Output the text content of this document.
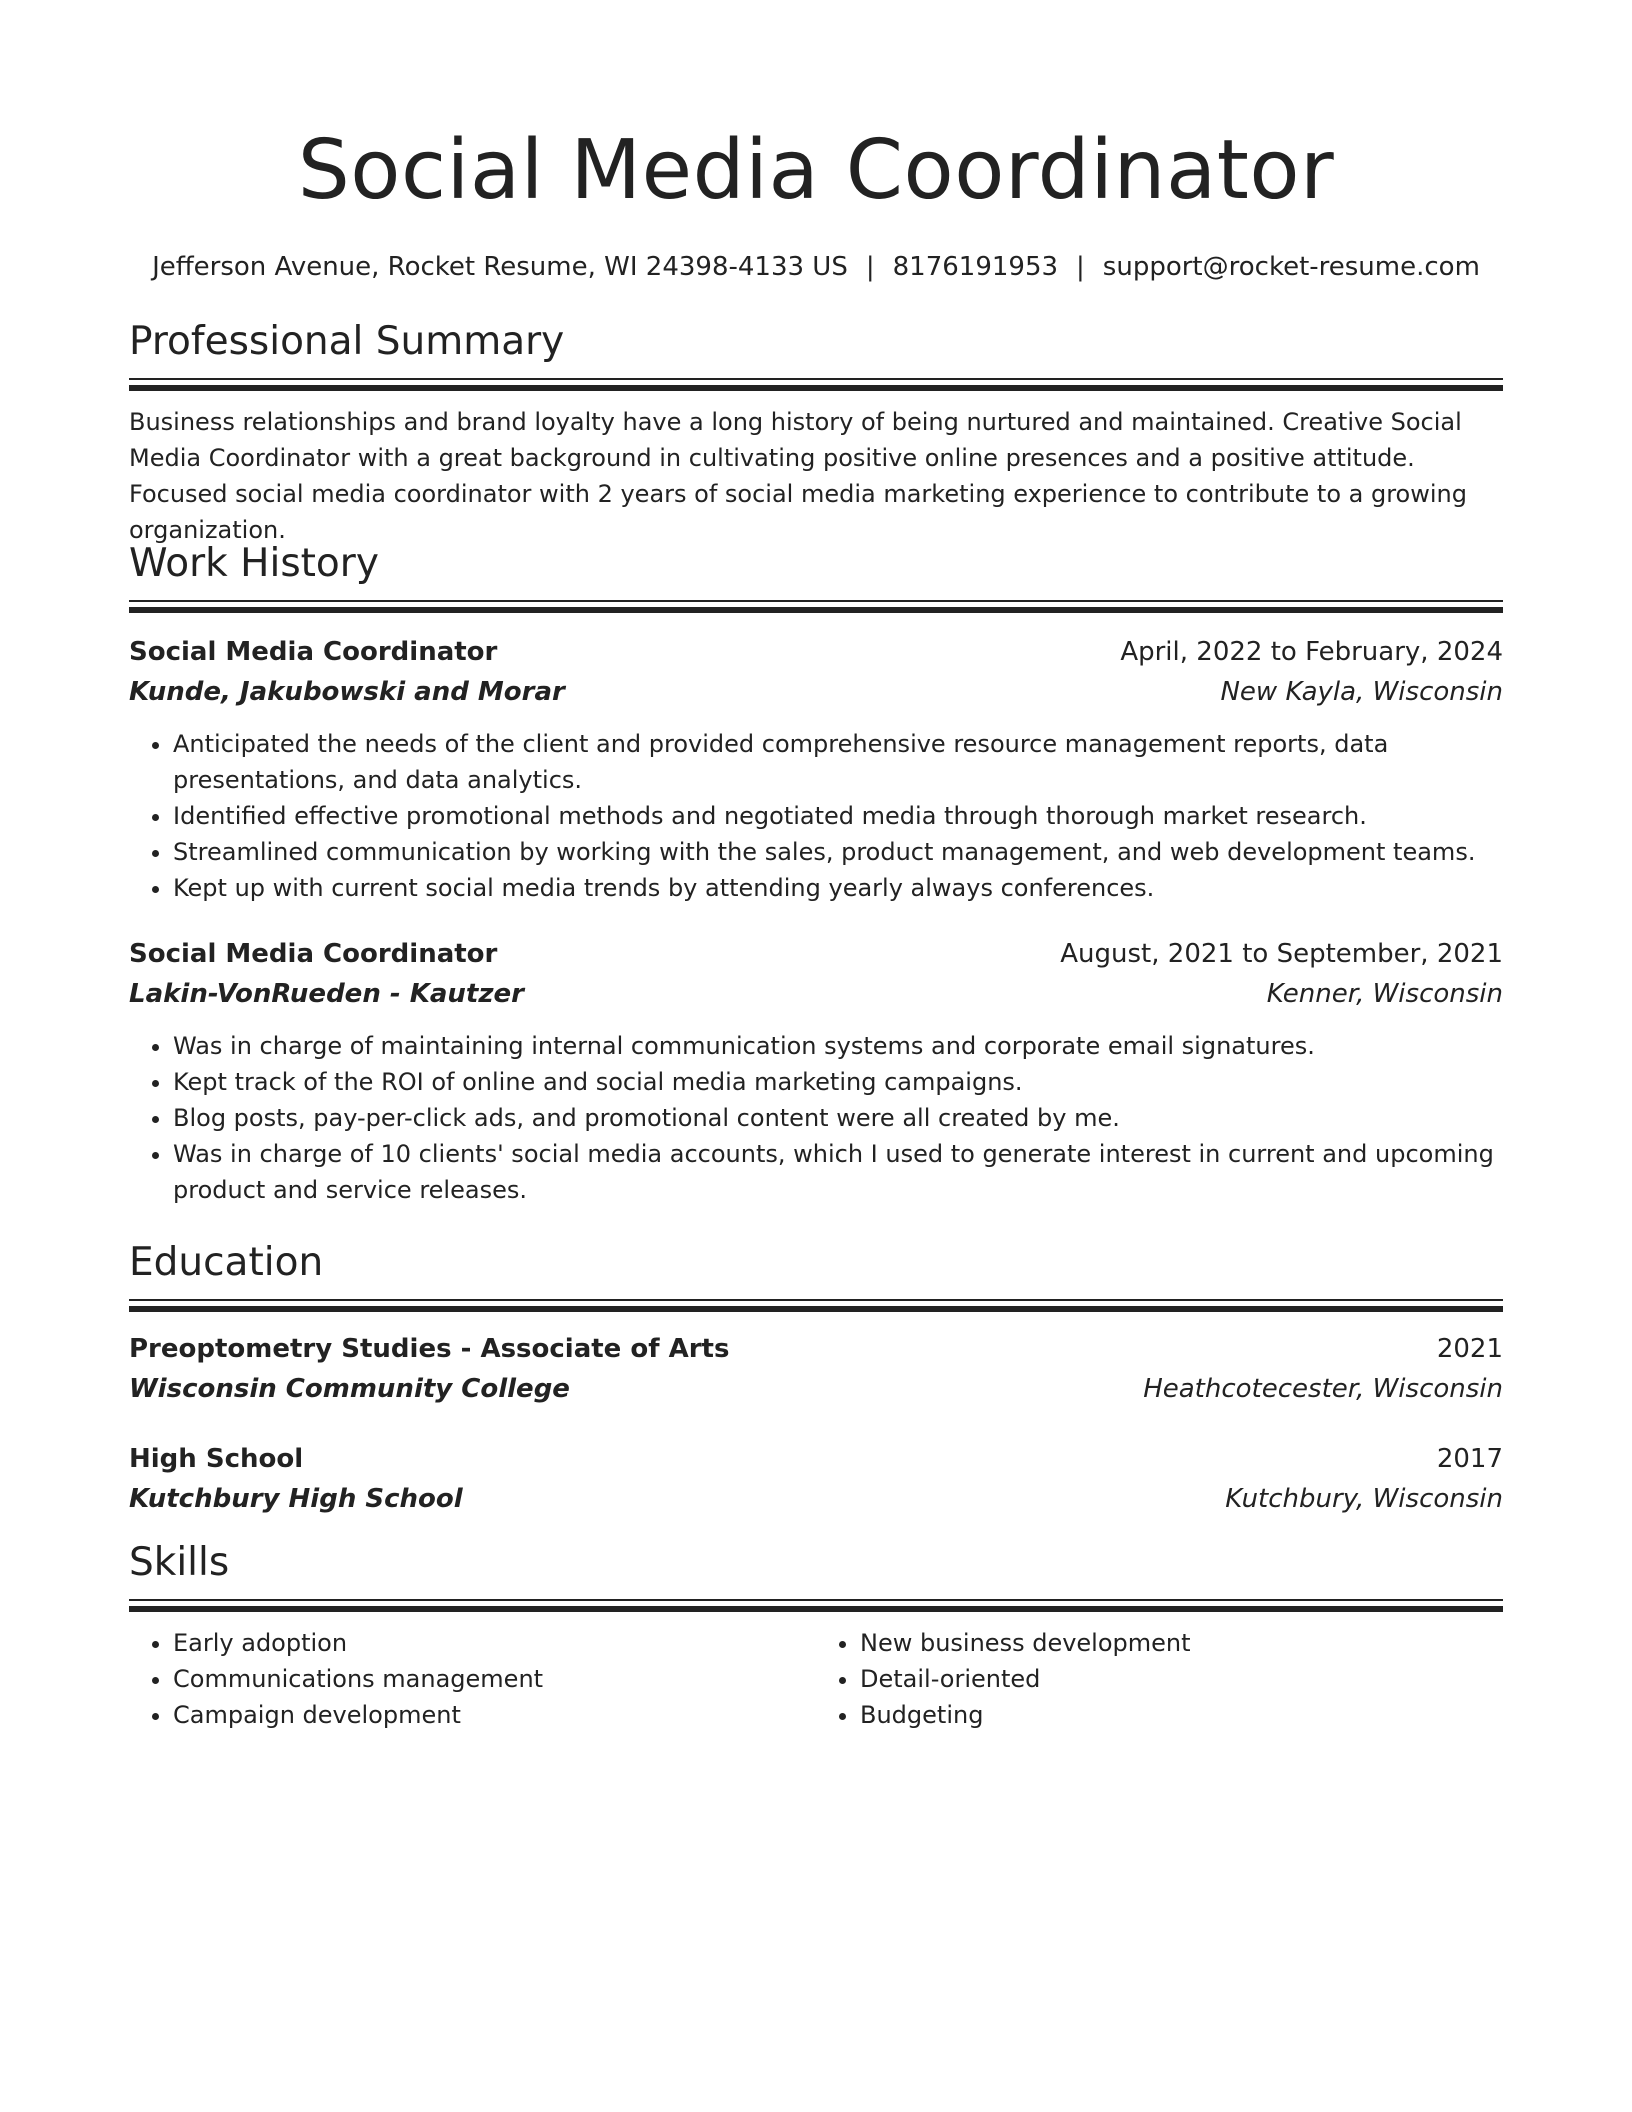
Social Media Coordinator
Jefferson Avenue, Rocket Resume, WI 24398-4133 US | 8176191953 | support@rocket-resume.com
Professional Summary

Business relationships and brand loyalty have a long history of being nurtured and maintained. Creative Social Media Coordinator with a great background in cultivating positive online presences and a positive attitude. Focused social media coordinator with 2 years of social media marketing experience to contribute to a growing organization.

Work History
Social Media Coordinator	April, 2022 to February, 2024
Kunde, Jakubowski and Morar	New Kayla, Wisconsin
• Anticipated the needs of the client and provided comprehensive resource management reports, data presentations, and data analytics.
• Identified effective promotional methods and negotiated media through thorough market research.
• Streamlined communication by working with the sales, product management, and web development teams.
• Kept up with current social media trends by attending yearly always conferences.
Social Media Coordinator	August, 2021 to September, 2021
Lakin-VonRueden - Kautzer	Kenner, Wisconsin
• Was in charge of maintaining internal communication systems and corporate email signatures.
• Kept track of the ROI of online and social media marketing campaigns.
• Blog posts, pay-per-click ads, and promotional content were all created by me.
• Was in charge of 10 clients' social media accounts, which I used to generate interest in current and upcoming product and service releases.
Education
Preoptometry Studies - Associate of Arts	2021
Wisconsin Community College	Heathcotecester, Wisconsin
High School	2017
Kutchbury High School	Kutchbury, Wisconsin
Skills
• Early adoption
• Communications management
• Campaign development
• New business development
• Detail-oriented
• Budgeting
